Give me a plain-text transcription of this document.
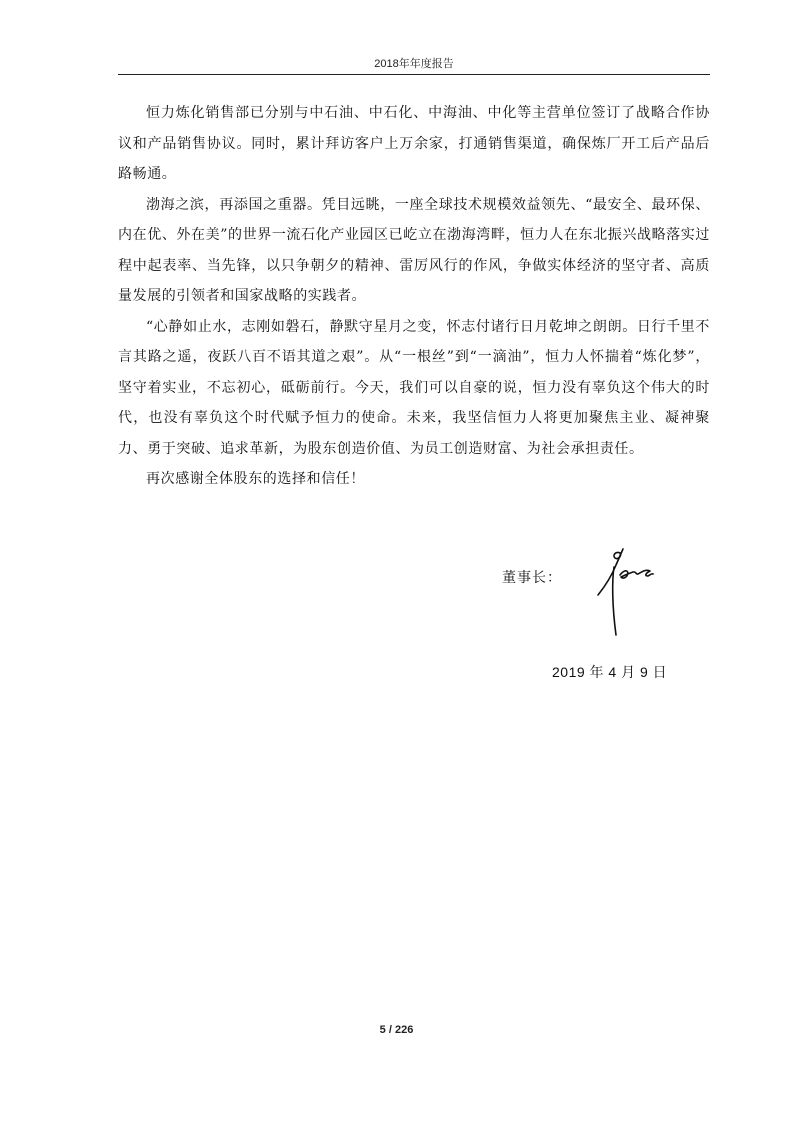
2018年年度报告

恒力炼化销售部已分别与中石油、中石化、中海油、中化等主营单位签订了战略合作协议和产品销售协议。同时，累计拜访客户上万余家，打通销售渠道，确保炼厂开工后产品后路畅通。

渤海之滨，再添国之重器。凭目远眺，一座全球技术规模效益领先、“最安全、最环保、内在优、外在美”的世界一流石化产业园区已屹立在渤海湾畔，恒力人在东北振兴战略落实过程中起表率、当先锋，以只争朝夕的精神、雷厉风行的作风，争做实体经济的坚守者、高质量发展的引领者和国家战略的实践者。

“心静如止水，志刚如磐石，静默守星月之变，怀志付诸行日月乾坤之朗朗。日行千里不言其路之遥，夜跃八百不语其道之艰”。从“一根丝”到“一滴油”，恒力人怀揣着“炼化梦”，坚守着实业，不忘初心，砥砺前行。今天，我们可以自豪的说，恒力没有辜负这个伟大的时代，也没有辜负这个时代赋予恒力的使命。未来，我坚信恒力人将更加聚焦主业、凝神聚力、勇于突破、追求革新，为股东创造价值、为员工创造财富、为社会承担责任。

再次感谢全体股东的选择和信任！

董事长：
2019 年 4 月 9 日
5 / 226
